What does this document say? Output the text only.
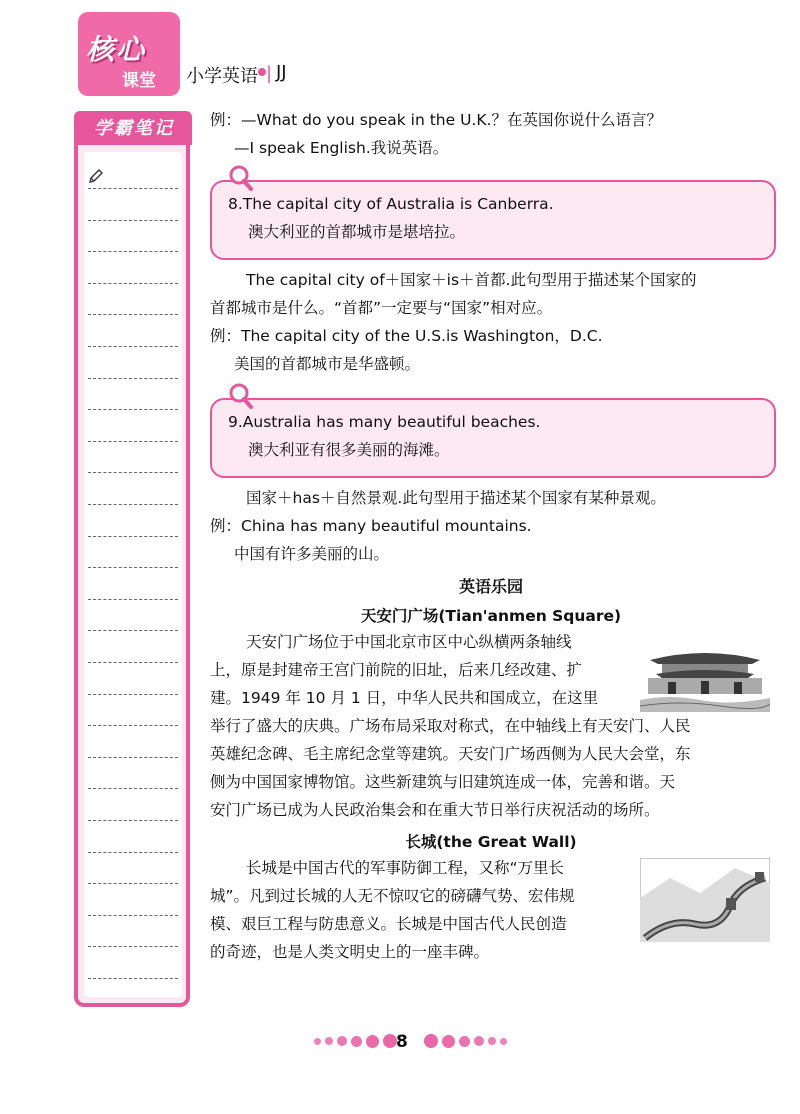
核心
课堂 小学英语 | JJ
学霸笔记	例：—What do you speak in the U.K.？在英国你说什么语言？
—I speak English.我说英语。
8.The capital city of Australia is Canberra.
澳大利亚的首都城市是堪培拉。
The capital city of＋国家＋is＋首都.此句型用于描述某个国家的
首都城市是什么。“首都”一定要与“国家”相对应。
例：The capital city of the U.S.is Washington，D.C.
美国的首都城市是华盛顿。
9.Australia has many beautiful beaches.
澳大利亚有很多美丽的海滩。
国家＋has＋自然景观.此句型用于描述某个国家有某种景观。
例：China has many beautiful mountains.
中国有许多美丽的山。
英语乐园
天安门广场(Tian'anmen Square)
天安门广场位于中国北京市区中心纵横两条轴线
上，原是封建帝王宫门前院的旧址，后来几经改建、扩
建。1949 年 10 月 1 日，中华人民共和国成立，在这里
举行了盛大的庆典。广场布局采取对称式，在中轴线上有天安门、人民
英雄纪念碑、毛主席纪念堂等建筑。天安门广场西侧为人民大会堂，东
侧为中国国家博物馆。这些新建筑与旧建筑连成一体，完善和谐。天
安门广场已成为人民政治集会和在重大节日举行庆祝活动的场所。
长城(the Great Wall)
长城是中国古代的军事防御工程，又称“万里长
城”。凡到过长城的人无不惊叹它的磅礴气势、宏伟规
模、艰巨工程与防患意义。长城是中国古代人民创造
的奇迹，也是人类文明史上的一座丰碑。
8
